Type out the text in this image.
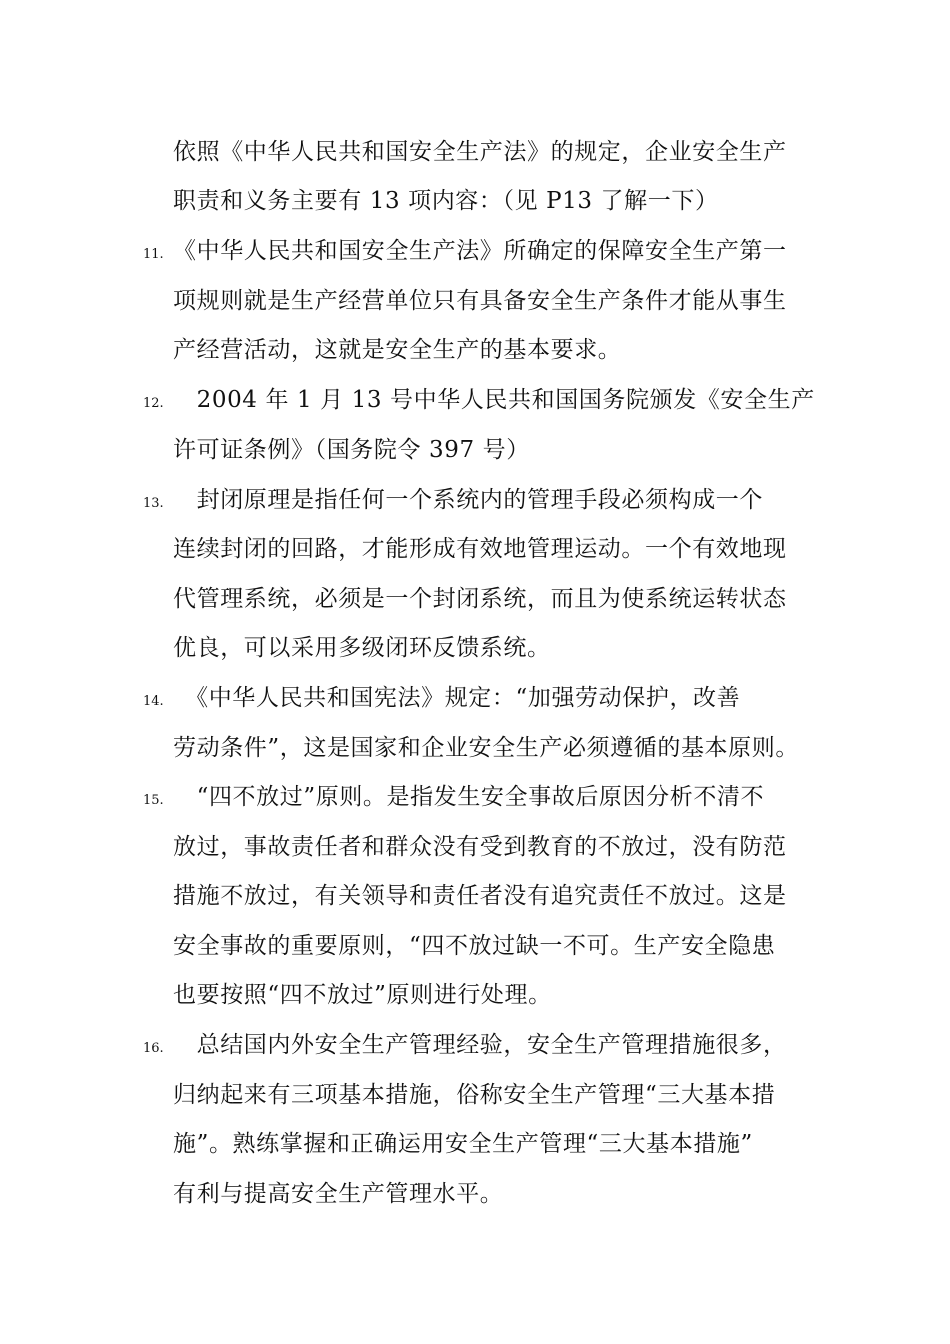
依照《中华人民共和国安全生产法》的规定，企业安全生产
职责和义务主要有 13 项内容：（见 P13 了解一下）
11. 《中华人民共和国安全生产法》所确定的保障安全生产第一
项规则就是生产经营单位只有具备安全生产条件才能从事生
产经营活动，这就是安全生产的基本要求。
12. 　2004 年 1 月 13 号中华人民共和国国务院颁发《安全生产
许可证条例》（国务院令 397 号）
13. 　封闭原理是指任何一个系统内的管理手段必须构成一个
连续封闭的回路，才能形成有效地管理运动。一个有效地现
代管理系统，必须是一个封闭系统，而且为使系统运转状态
优良，可以采用多级闭环反馈系统。
14. 　《中华人民共和国宪法》规定：“加强劳动保护，改善
劳动条件”，这是国家和企业安全生产必须遵循的基本原则。
15. 　“四不放过”原则。是指发生安全事故后原因分析不清不
放过，事故责任者和群众没有受到教育的不放过，没有防范
措施不放过，有关领导和责任者没有追究责任不放过。这是
安全事故的重要原则，“四不放过缺一不可。生产安全隐患
也要按照“四不放过”原则进行处理。
16. 　总结国内外安全生产管理经验，安全生产管理措施很多，
归纳起来有三项基本措施，俗称安全生产管理“三大基本措
施”。熟练掌握和正确运用安全生产管理“三大基本措施”
有利与提高安全生产管理水平。
